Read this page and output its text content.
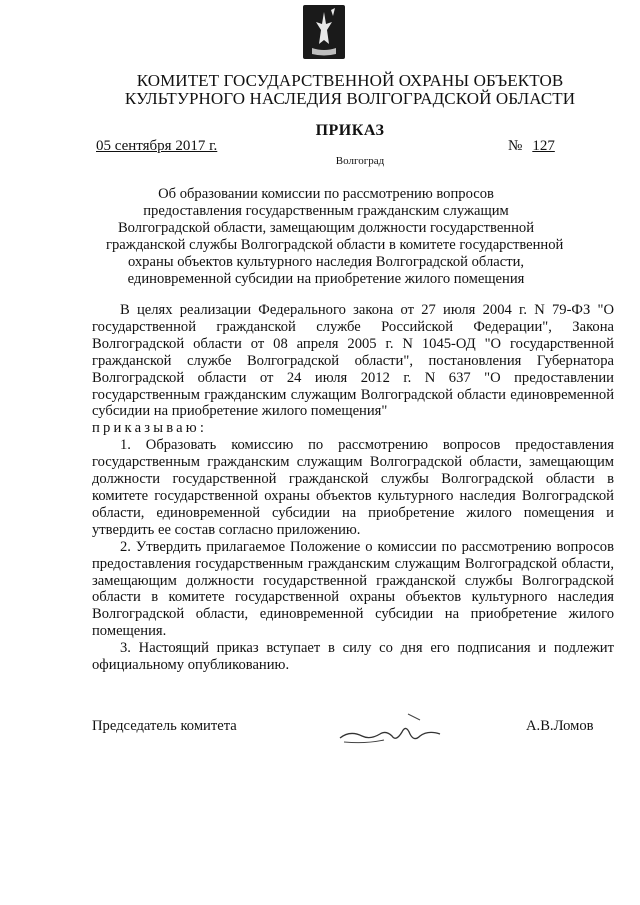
КОМИТЕТ ГОСУДАРСТВЕННОЙ ОХРАНЫ ОБЪЕКТОВ
КУЛЬТУРНОГО НАСЛЕДИЯ ВОЛГОГРАДСКОЙ ОБЛАСТИ
ПРИКАЗ
05 сентября 2017 г.	№ 127
Волгоград
Об образовании комиссии по рассмотрению вопросов
предоставления государственным гражданским служащим
Волгоградской области, замещающим должности государственной
гражданской службы Волгоградской области в комитете государственной
охраны объектов культурного наследия Волгоградской области,
единовременной субсидии на приобретение жилого помещения

В целях реализации Федерального закона от 27 июля 2004 г. N 79-ФЗ "О государственной гражданской службе Российской Федерации", Закона Волгоградской области от 08 апреля 2005 г. N 1045-ОД "О государственной гражданской службе Волгоградской области", постановления Губернатора Волгоградской области от 24 июля 2012 г. N 637 "О предоставлении государственным гражданским служащим Волгоградской области единовременной субсидии на приобретение жилого помещения"

приказываю:

1. Образовать комиссию по рассмотрению вопросов предоставления государственным гражданским служащим Волгоградской области, замещающим должности государственной гражданской службы Волгоградской области в комитете государственной охраны объектов культурного наследия Волгоградской области, единовременной субсидии на приобретение жилого помещения и утвердить ее состав согласно приложению.

2. Утвердить прилагаемое Положение о комиссии по рассмотрению вопросов предоставления государственным гражданским служащим Волгоградской области, замещающим должности государственной гражданской службы Волгоградской области в комитете государственной охраны объектов культурного наследия Волгоградской области, единовременной субсидии на приобретение жилого помещения.

3. Настоящий приказ вступает в силу со дня его подписания и подлежит официальному опубликованию.

Председатель комитета	А.В.Ломов
